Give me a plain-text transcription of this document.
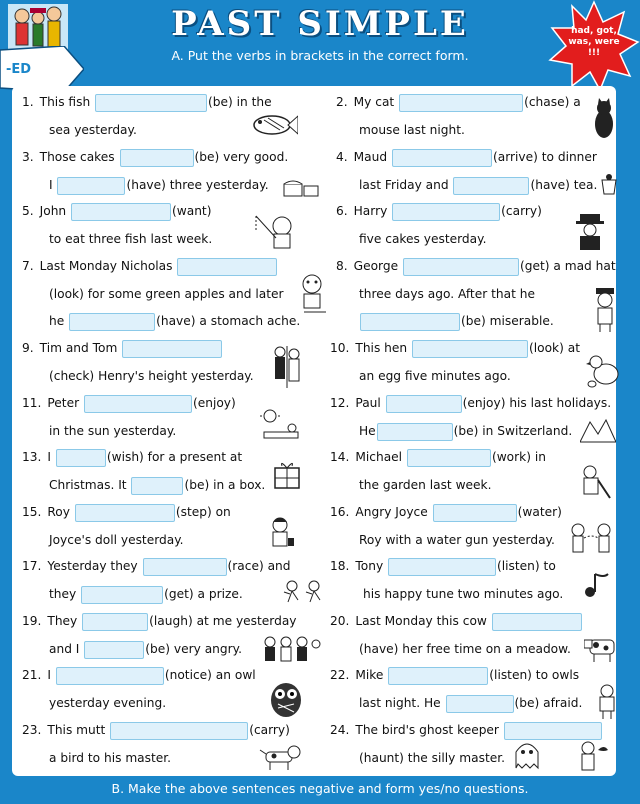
-ED
PAST SIMPLE
A. Put the verbs in brackets in the correct form.
had, got, was, were !!!
1. This fish	(be) in the
sea yesterday.
2. My cat	(chase) a
mouse last night.
3. Those cakes	(be) very good.
I	(have) three yesterday.
4. Maud	(arrive) to dinner
last Friday and	(have) tea.
5. John	(want)
to eat three fish last week.
6. Harry	(carry)
five cakes yesterday.
7. Last Monday Nicholas
(look) for some green apples and later
he	(have) a stomach ache.
8. George	(get) a mad hat
three days ago. After that he
(be) miserable.
9. Tim and Tom
(check) Henry's height yesterday.
10. This hen	(look) at
an egg five minutes ago.
11. Peter	(enjoy)
in the sun yesterday.
12. Paul	(enjoy) his last holidays.
He	(be) in Switzerland.
13. I	(wish) for a present at
Christmas. It	(be) in a box.
14. Michael	(work) in
the garden last week.
15. Roy	(step) on
Joyce's doll yesterday.
16. Angry Joyce	(water)
Roy with a water gun yesterday.
17. Yesterday they	(race) and
they	(get) a prize.
18. Tony	(listen) to
his happy tune two minutes ago.
19. They	(laugh) at me yesterday
and I	(be) very angry.
20. Last Monday this cow
(have) her free time on a meadow.
21. I	(notice) an owl
yesterday evening.
22. Mike	(listen) to owls
last night. He	(be) afraid.
23. This mutt	(carry)
a bird to his master.
24. The bird's ghost keeper
(haunt) the silly master.
B. Make the above sentences negative and form yes/no questions.
